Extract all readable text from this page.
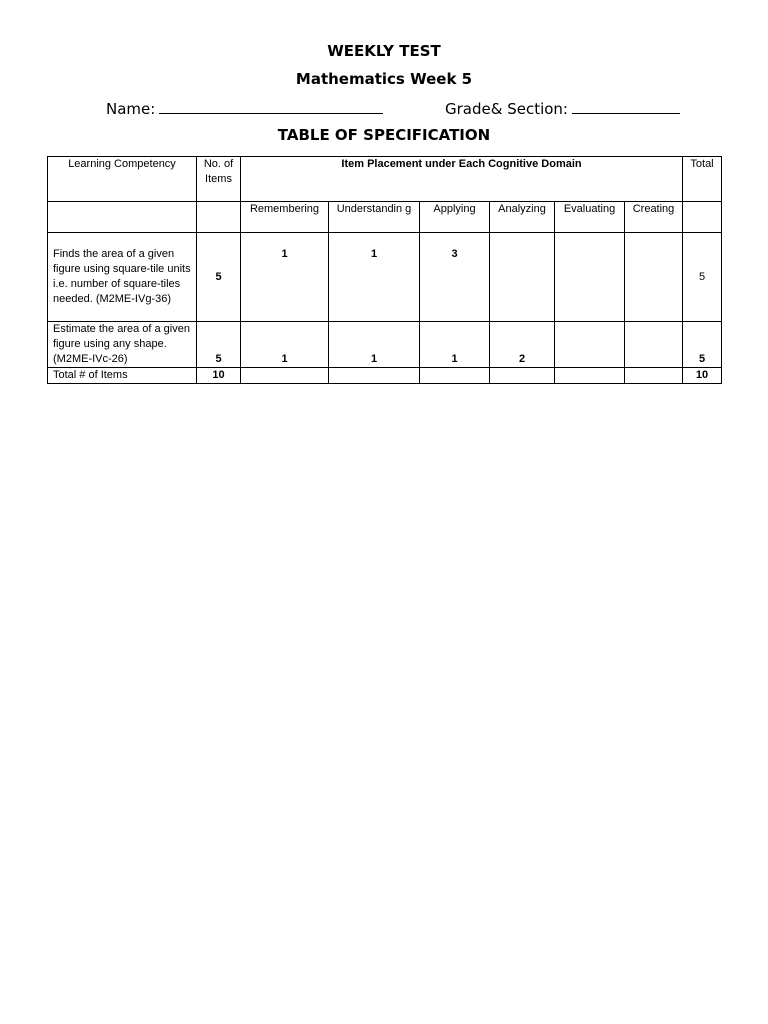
WEEKLY TEST
Mathematics Week 5
Name:	Grade& Section:
TABLE OF SPECIFICATION
Learning Competency	No. of Items	Item Placement under Each Cognitive Domain						Total
		Remembering	Understandin g	Applying	Analyzing	Evaluating	Creating	
Finds the area of a given figure using square-tile units i.e. number of square-tiles needed. (M2ME-IVg-36)	5	1	1	3				5
Estimate the area of a given figure using any shape. (M2ME-IVc-26)	5	1	1	1	2			5
Total # of Items	10							10
